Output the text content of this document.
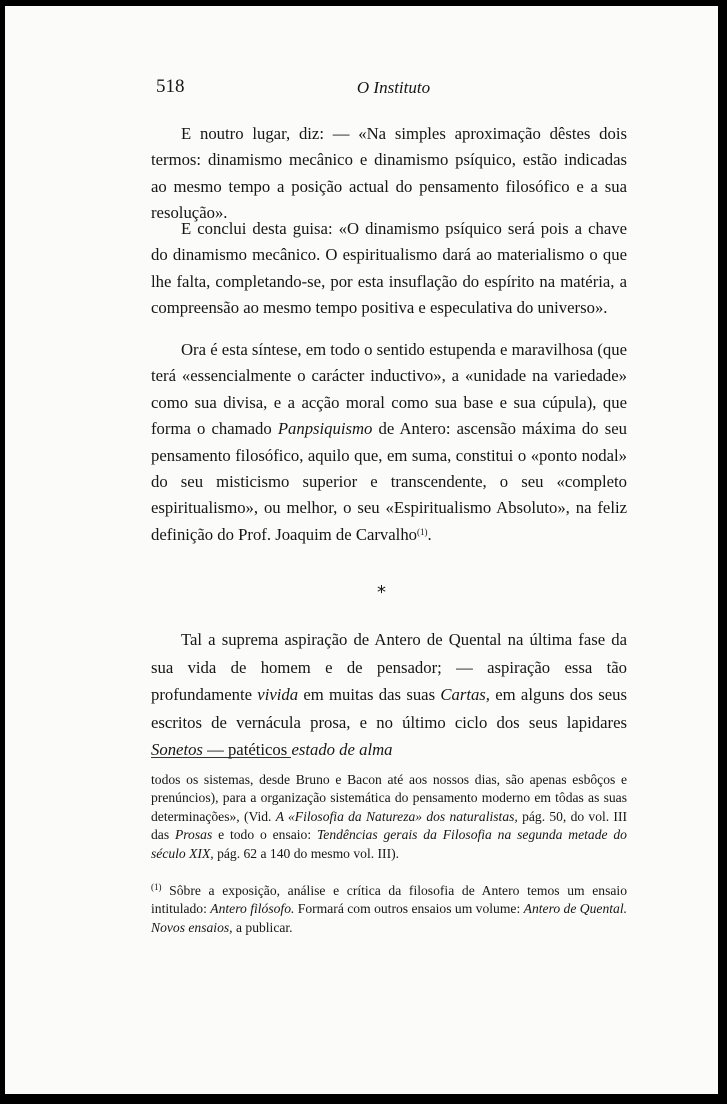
518	O Instituto

E noutro lugar, diz: — «Na simples aproximação dêstes dois termos: dinamismo mecânico e dinamismo psíquico, estão indicadas ao mesmo tempo a posição actual do pensamento filosófico e a sua resolução».

E conclui desta guisa: «O dinamismo psíquico será pois a chave do dinamismo mecânico. O espiritualismo dará ao materialismo o que lhe falta, completando-se, por esta insuflação do espírito na matéria, a compreensão ao mesmo tempo positiva e especulativa do universo».

Ora é esta síntese, em todo o sentido estupenda e maravilhosa (que terá «essencialmente o carácter inductivo», a «unidade na variedade» como sua divisa, e a acção moral como sua base e sua cúpula), que forma o chamado Panpsiquismo de Antero: ascensão máxima do seu pensamento filosófico, aquilo que, em suma, constitui o «ponto nodal» do seu misticismo superior e transcendente, o seu «completo espiritualismo», ou melhor, o seu «Espiritualismo Absoluto», na feliz definição do Prof. Joaquim de Carvalho$^{(1)}$.

*

Tal a suprema aspiração de Antero de Quental na última fase da sua vida de homem e de pensador; — aspiração essa tão profundamente vivida em muitas das suas Cartas, em alguns dos seus escritos de vernácula prosa, e no último ciclo dos seus lapidares Sonetos — patéticos estado de alma

todos os sistemas, desde Bruno e Bacon até aos nossos dias, são apenas esbôços e prenúncios), para a organização sistemática do pensamento moderno em tôdas as suas determinações», (Vid. A «Filosofia da Natureza» dos naturalistas, pág. 50, do vol. III das Prosas e todo o ensaio: Tendências gerais da Filosofia na segunda metade do século XIX, pág. 62 a 140 do mesmo vol. III).

$^{(1)}$ Sôbre a exposição, análise e crítica da filosofia de Antero temos um ensaio intitulado: Antero filósofo. Formará com outros ensaios um volume: Antero de Quental. Novos ensaios, a publicar.
